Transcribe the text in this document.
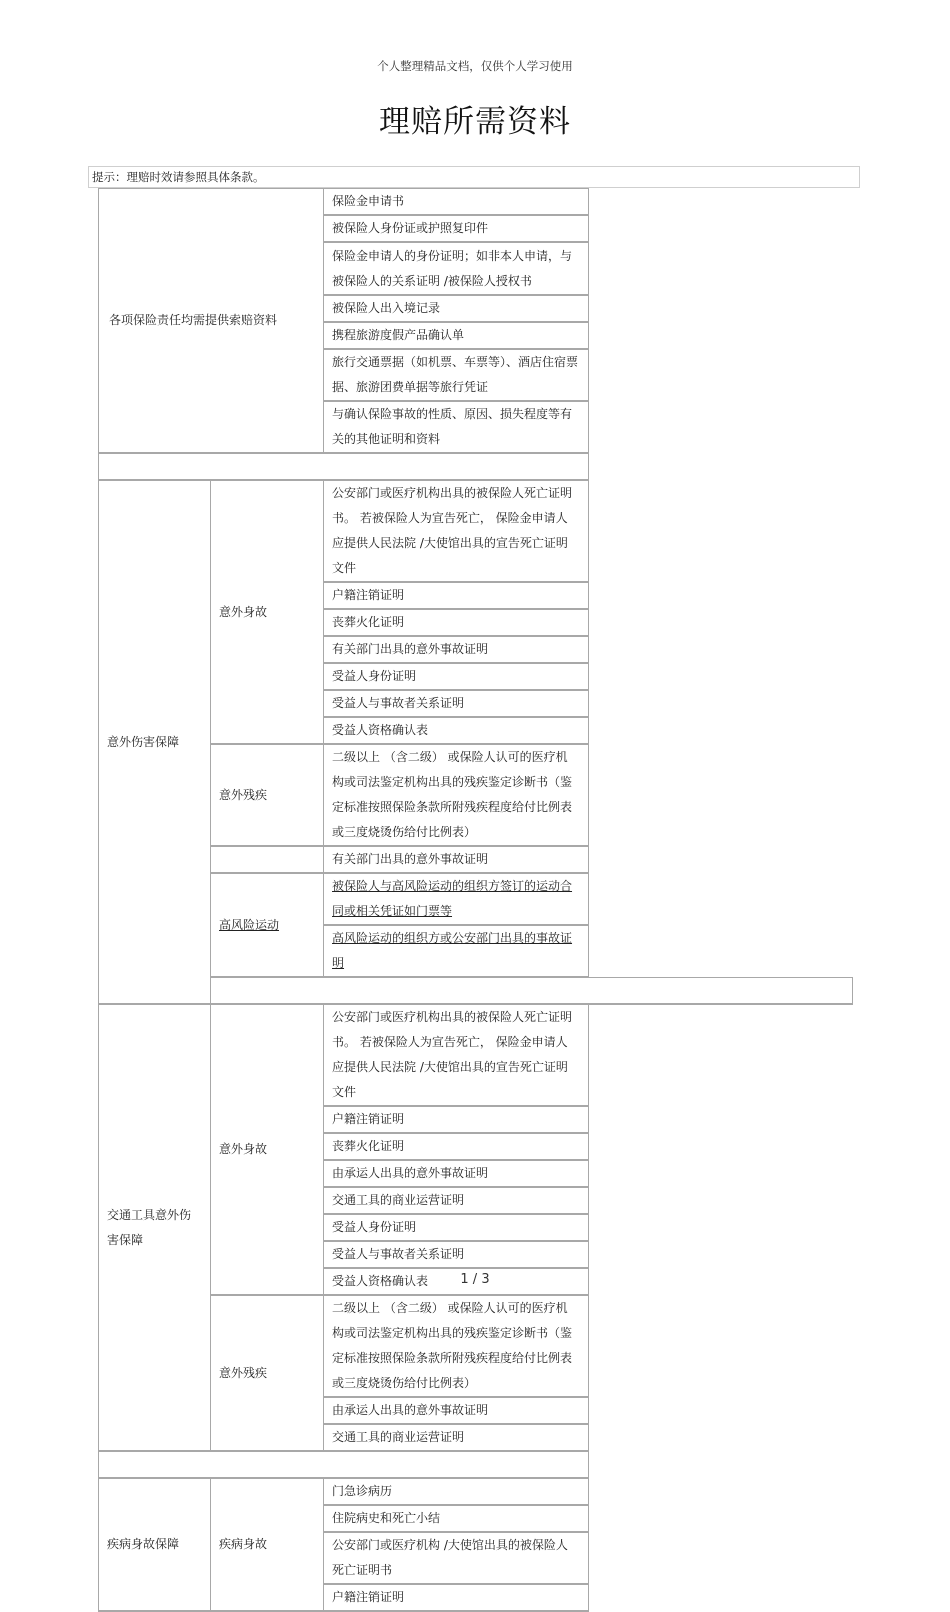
个人整理精品文档，仅供个人学习使用
理赔所需资料
提示：理赔时效请参照具体条款。
各项保险责任均需提供索赔资料		保险金申请书
		被保险人身份证或护照复印件
		保险金申请人的身份证明；如非本人申请，与被保险人的关系证明 /被保险人授权书
		被保险人出入境记录
		携程旅游度假产品确认单
		旅行交通票据（如机票、车票等）、酒店住宿票据、旅游团费单据等旅行凭证
		与确认保险事故的性质、原因、损失程度等有关的其他证明和资料

意外伤害保障	意外身故	公安部门或医疗机构出具的被保险人死亡证明书。 若被保险人为宣告死亡， 保险金申请人应提供人民法院 /大使馆出具的宣告死亡证明文件
		户籍注销证明
		丧葬火化证明
		有关部门出具的意外事故证明
		受益人身份证明
		受益人与事故者关系证明
		受益人资格确认表
	意外残疾	二级以上 （含二级） 或保险人认可的医疗机构或司法鉴定机构出具的残疾鉴定诊断书（鉴定标准按照保险条款所附残疾程度给付比例表或三度烧烫伤给付比例表）
		有关部门出具的意外事故证明
	高风险运动	被保险人与高风险运动的组织方签订的运动合同或相关凭证如门票等
		高风险运动的组织方或公安部门出具的事故证明

交通工具意外伤害保障	意外身故	公安部门或医疗机构出具的被保险人死亡证明书。 若被保险人为宣告死亡， 保险金申请人应提供人民法院 /大使馆出具的宣告死亡证明文件
		户籍注销证明
		丧葬火化证明
		由承运人出具的意外事故证明
		交通工具的商业运营证明
		受益人身份证明
		受益人与事故者关系证明
		受益人资格确认表
	意外残疾	二级以上 （含二级） 或保险人认可的医疗机构或司法鉴定机构出具的残疾鉴定诊断书（鉴定标准按照保险条款所附残疾程度给付比例表或三度烧烫伤给付比例表）
		由承运人出具的意外事故证明
		交通工具的商业运营证明

疾病身故保障	疾病身故	门急诊病历
		住院病史和死亡小结
		公安部门或医疗机构 /大使馆出具的被保险人死亡证明书
		户籍注销证明
1 / 3
